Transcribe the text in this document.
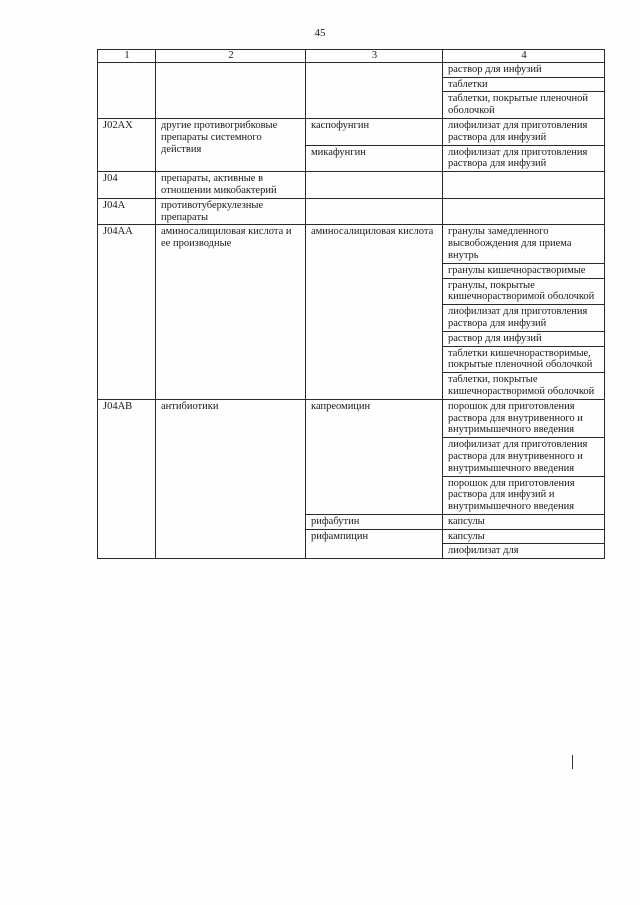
45
1	2	3	4
			раствор для инфузий
			таблетки
			таблетки, покрытые пленочной оболочкой
J02AX	другие противогрибковые препараты системного действия	каспофунгин	лиофилизат для приготовления раствора для инфузий
		микафунгин	лиофилизат для приготовления раствора для инфузий
J04	препараты, активные в отношении микобактерий		
J04A	противотуберкулезные препараты		
J04AA	аминосалициловая кислота и ее производные	аминосалициловая кислота	гранулы замедленного высвобождения для приема внутрь
			гранулы кишечнорастворимые
			гранулы, покрытые кишечнорастворимой оболочкой
			лиофилизат для приготовления раствора для инфузий
			раствор для инфузий
			таблетки кишечнорастворимые, покрытые пленочной оболочкой
			таблетки, покрытые кишечнорастворимой оболочкой
J04AB	антибиотики	капреомицин	порошок для приготовления раствора для внутривенного и внутримышечного введения
			лиофилизат для приготовления раствора для внутривенного и внутримышечного введения
			порошок для приготовления раствора для инфузий и внутримышечного введения
		рифабутин	капсулы
		рифампицин	капсулы
			лиофилизат для
